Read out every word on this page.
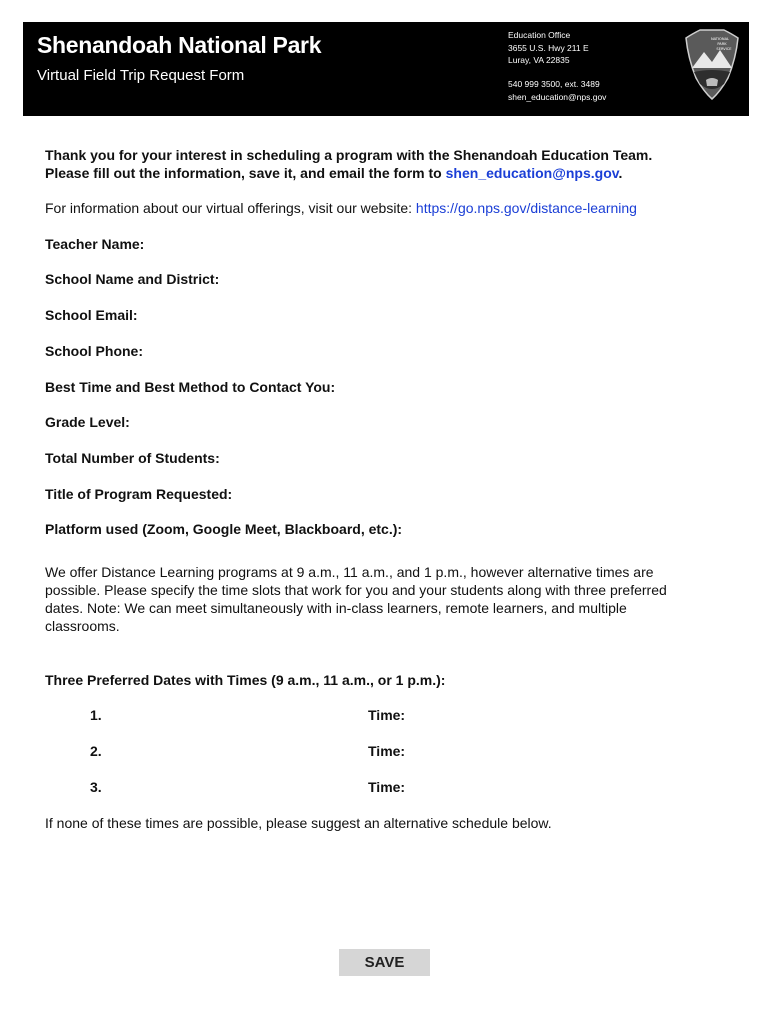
Shenandoah National Park
Virtual Field Trip Request Form
Education Office
3655 U.S. Hwy 211 E
Luray, VA 22835
540 999 3500, ext. 3489
shen_education@nps.gov
NATIONAL
PARK
SERVICE
Thank you for your interest in scheduling a program with the Shenandoah Education Team.
Please fill out the information, save it, and email the form to shen_education@nps.gov.
For information about our virtual offerings, visit our website: https://go.nps.gov/distance-learning
Teacher Name:
School Name and District:
School Email:
School Phone:
Best Time and Best Method to Contact You:
Grade Level:
Total Number of Students:
Title of Program Requested:
Platform used (Zoom, Google Meet, Blackboard, etc.):
We offer Distance Learning programs at 9 a.m., 11 a.m., and 1 p.m., however alternative times are possible. Please specify the time slots that work for you and your students along with three preferred dates. Note: We can meet simultaneously with in-class learners, remote learners, and multiple classrooms.
Three Preferred Dates with Times (9 a.m., 11 a.m., or 1 p.m.):
1.	Time:
2.	Time:
3.	Time:
If none of these times are possible, please suggest an alternative schedule below.
SAVE
